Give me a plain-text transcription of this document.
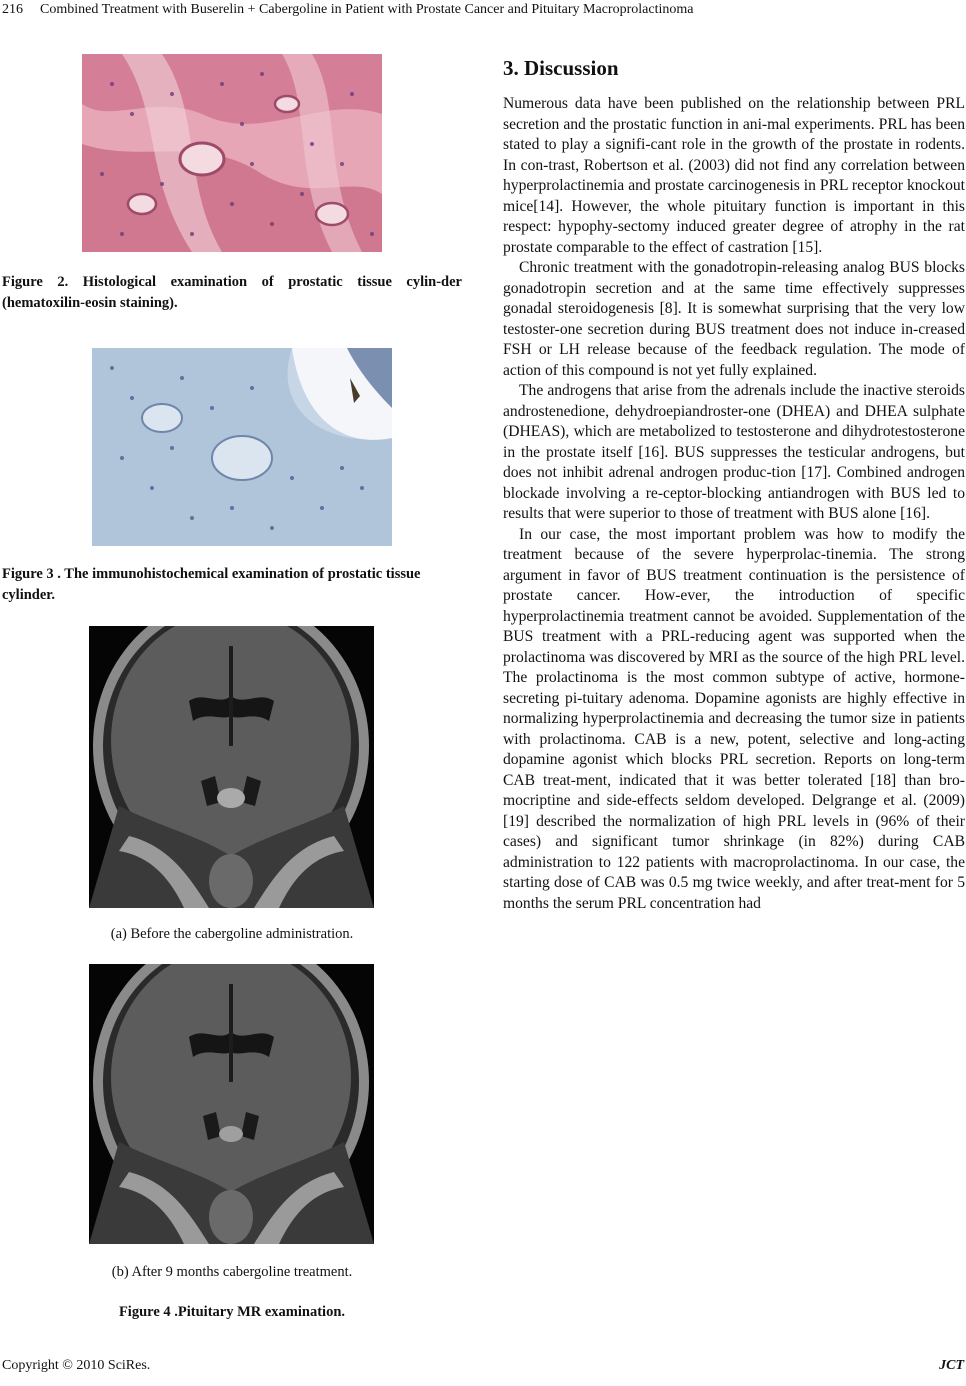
216 Combined Treatment with Buserelin + Cabergoline in Patient with Prostate Cancer and Pituitary Macroprolactinoma
Figure 2. Histological examination of prostatic tissue cylin-der (hematoxilin-eosin staining).
Figure 3 . The immunohistochemical examination of prostatic tissue cylinder.
(a) Before the cabergoline administration.
(b) After 9 months cabergoline treatment.
Figure 4 .Pituitary MR examination.
3. Discussion

Numerous data have been published on the relationship between PRL secretion and the prostatic function in ani-mal experiments. PRL has been stated to play a signifi-cant role in the growth of the prostate in rodents. In con-trast, Robertson et al. (2003) did not find any correlation between hyperprolactinemia and prostate carcinogenesis in PRL receptor knockout mice[14]. However, the whole pituitary function is important in this respect: hypophy-sectomy induced greater degree of atrophy in the rat prostate comparable to the effect of castration [15].

Chronic treatment with the gonadotropin-releasing analog BUS blocks gonadotropin secretion and at the same time effectively suppresses gonadal steroidogenesis [8]. It is somewhat surprising that the very low testoster-one secretion during BUS treatment does not induce in-creased FSH or LH release because of the feedback regulation. The mode of action of this compound is not yet fully explained.

The androgens that arise from the adrenals include the inactive steroids androstenedione, dehydroepiandroster-one (DHEA) and DHEA sulphate (DHEAS), which are metabolized to testosterone and dihydrotestosterone in the prostate itself [16]. BUS suppresses the testicular androgens, but does not inhibit adrenal androgen produc-tion [17]. Combined androgen blockade involving a re-ceptor-blocking antiandrogen with BUS led to results that were superior to those of treatment with BUS alone [16].

In our case, the most important problem was how to modify the treatment because of the severe hyperprolac-tinemia. The strong argument in favor of BUS treatment continuation is the persistence of prostate cancer. How-ever, the introduction of specific hyperprolactinemia treatment cannot be avoided. Supplementation of the BUS treatment with a PRL-reducing agent was supported when the prolactinoma was discovered by MRI as the source of the high PRL level. The prolactinoma is the most common subtype of active, hormone-secreting pi-tuitary adenoma. Dopamine agonists are highly effective in normalizing hyperprolactinemia and decreasing the tumor size in patients with prolactinoma. CAB is a new, potent, selective and long-acting dopamine agonist which blocks PRL secretion. Reports on long-term CAB treat-ment, indicated that it was better tolerated [18] than bro-mocriptine and side-effects seldom developed. Delgrange et al. (2009) [19] described the normalization of high PRL levels in (96% of their cases) and significant tumor shrinkage (in 82%) during CAB administration to 122 patients with macroprolactinoma. In our case, the starting dose of CAB was 0.5 mg twice weekly, and after treat-ment for 5 months the serum PRL concentration had

Copyright © 2010 SciRes.	JCT
